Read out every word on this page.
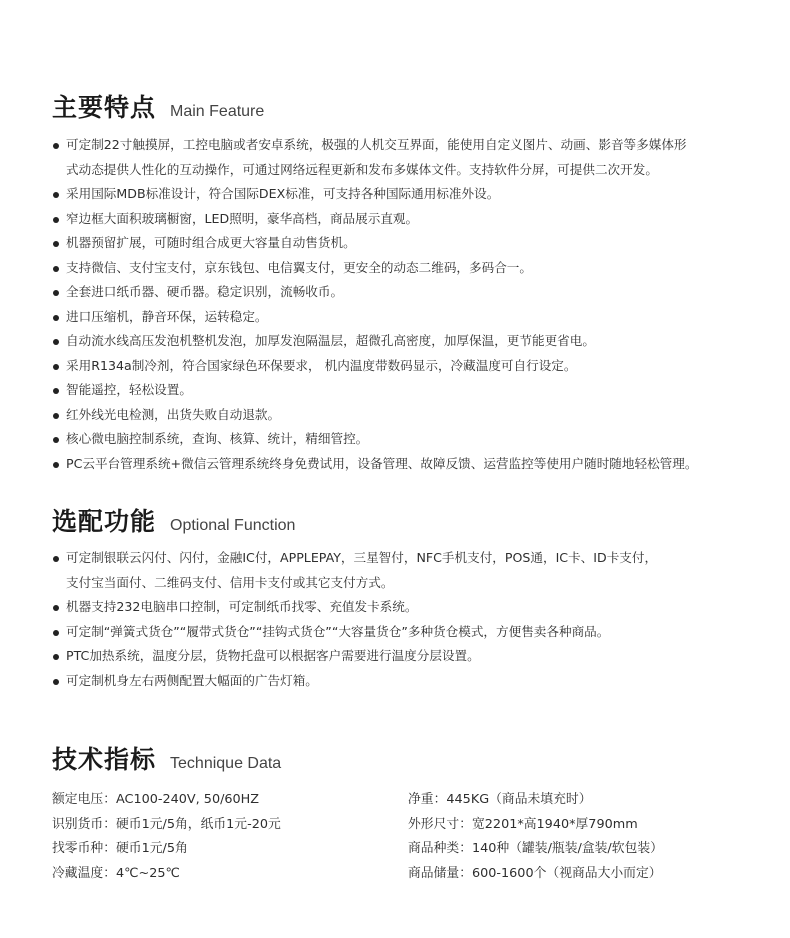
主要特点 Main Feature
可定制22寸触摸屏，工控电脑或者安卓系统，极强的人机交互界面，能使用自定义图片、动画、影音等多媒体形
式动态提供人性化的互动操作，可通过网络远程更新和发布多媒体文件。支持软件分屏，可提供二次开发。
采用国际MDB标准设计，符合国际DEX标准，可支持各种国际通用标准外设。
窄边框大面积玻璃橱窗，LED照明，豪华高档，商品展示直观。
机器预留扩展，可随时组合成更大容量自动售货机。
支持微信、支付宝支付，京东钱包、电信翼支付，更安全的动态二维码，多码合一。
全套进口纸币器、硬币器。稳定识别，流畅收币。
进口压缩机，静音环保，运转稳定。
自动流水线高压发泡机整机发泡，加厚发泡隔温层，超微孔高密度，加厚保温，更节能更省电。
采用R134a制冷剂，符合国家绿色环保要求， 机内温度带数码显示，冷藏温度可自行设定。
智能遥控，轻松设置。
红外线光电检测，出货失败自动退款。
核心微电脑控制系统，查询、核算、统计，精细管控。
PC云平台管理系统+微信云管理系统终身免费试用，设备管理、故障反馈、运营监控等使用户随时随地轻松管理。
选配功能 Optional Function
可定制银联云闪付、闪付，金融IC付，APPLEPAY，三星智付，NFC手机支付，POS通，IC卡、ID卡支付，
支付宝当面付、二维码支付、信用卡支付或其它支付方式。
机器支持232电脑串口控制，可定制纸币找零、充值发卡系统。
可定制“弹簧式货仓”“履带式货仓”“挂钩式货仓”“大容量货仓”多种货仓模式，方便售卖各种商品。
PTC加热系统，温度分层，货物托盘可以根据客户需要进行温度分层设置。
可定制机身左右两侧配置大幅面的广告灯箱。
技术指标 Technique Data
额定电压：AC100-240V, 50/60HZ
识别货币：硬币1元/5角，纸币1元-20元
找零币种：硬币1元/5角
冷藏温度：4℃~25℃
净重：445KG（商品未填充时）
外形尺寸：宽2201*高1940*厚790mm
商品种类：140种（罐装/瓶装/盒装/软包装）
商品储量：600-1600个（视商品大小而定）
